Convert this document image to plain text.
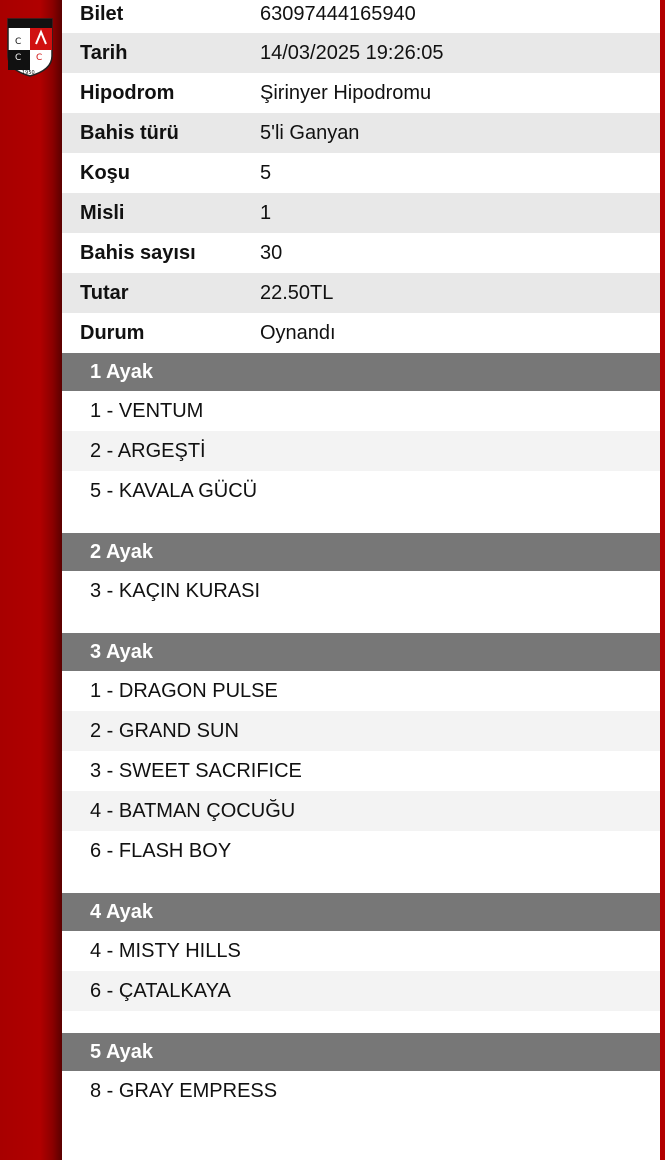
C
C C
1950
Bilet	63097444165940
Tarih	14/03/2025 19:26:05
Hipodrom	Şirinyer Hipodromu
Bahis türü	5'li Ganyan
Koşu	5
Misli	1
Bahis sayısı	30
Tutar	22.50TL
Durum	Oynandı
1 Ayak
1 - VENTUM
2 - ARGEŞTİ
5 - KAVALA GÜCÜ
2 Ayak
3 - KAÇIN KURASI
3 Ayak
1 - DRAGON PULSE
2 - GRAND SUN
3 - SWEET SACRIFICE
4 - BATMAN ÇOCUĞU
6 - FLASH BOY
4 Ayak
4 - MISTY HILLS
6 - ÇATALKAYA
5 Ayak
8 - GRAY EMPRESS
